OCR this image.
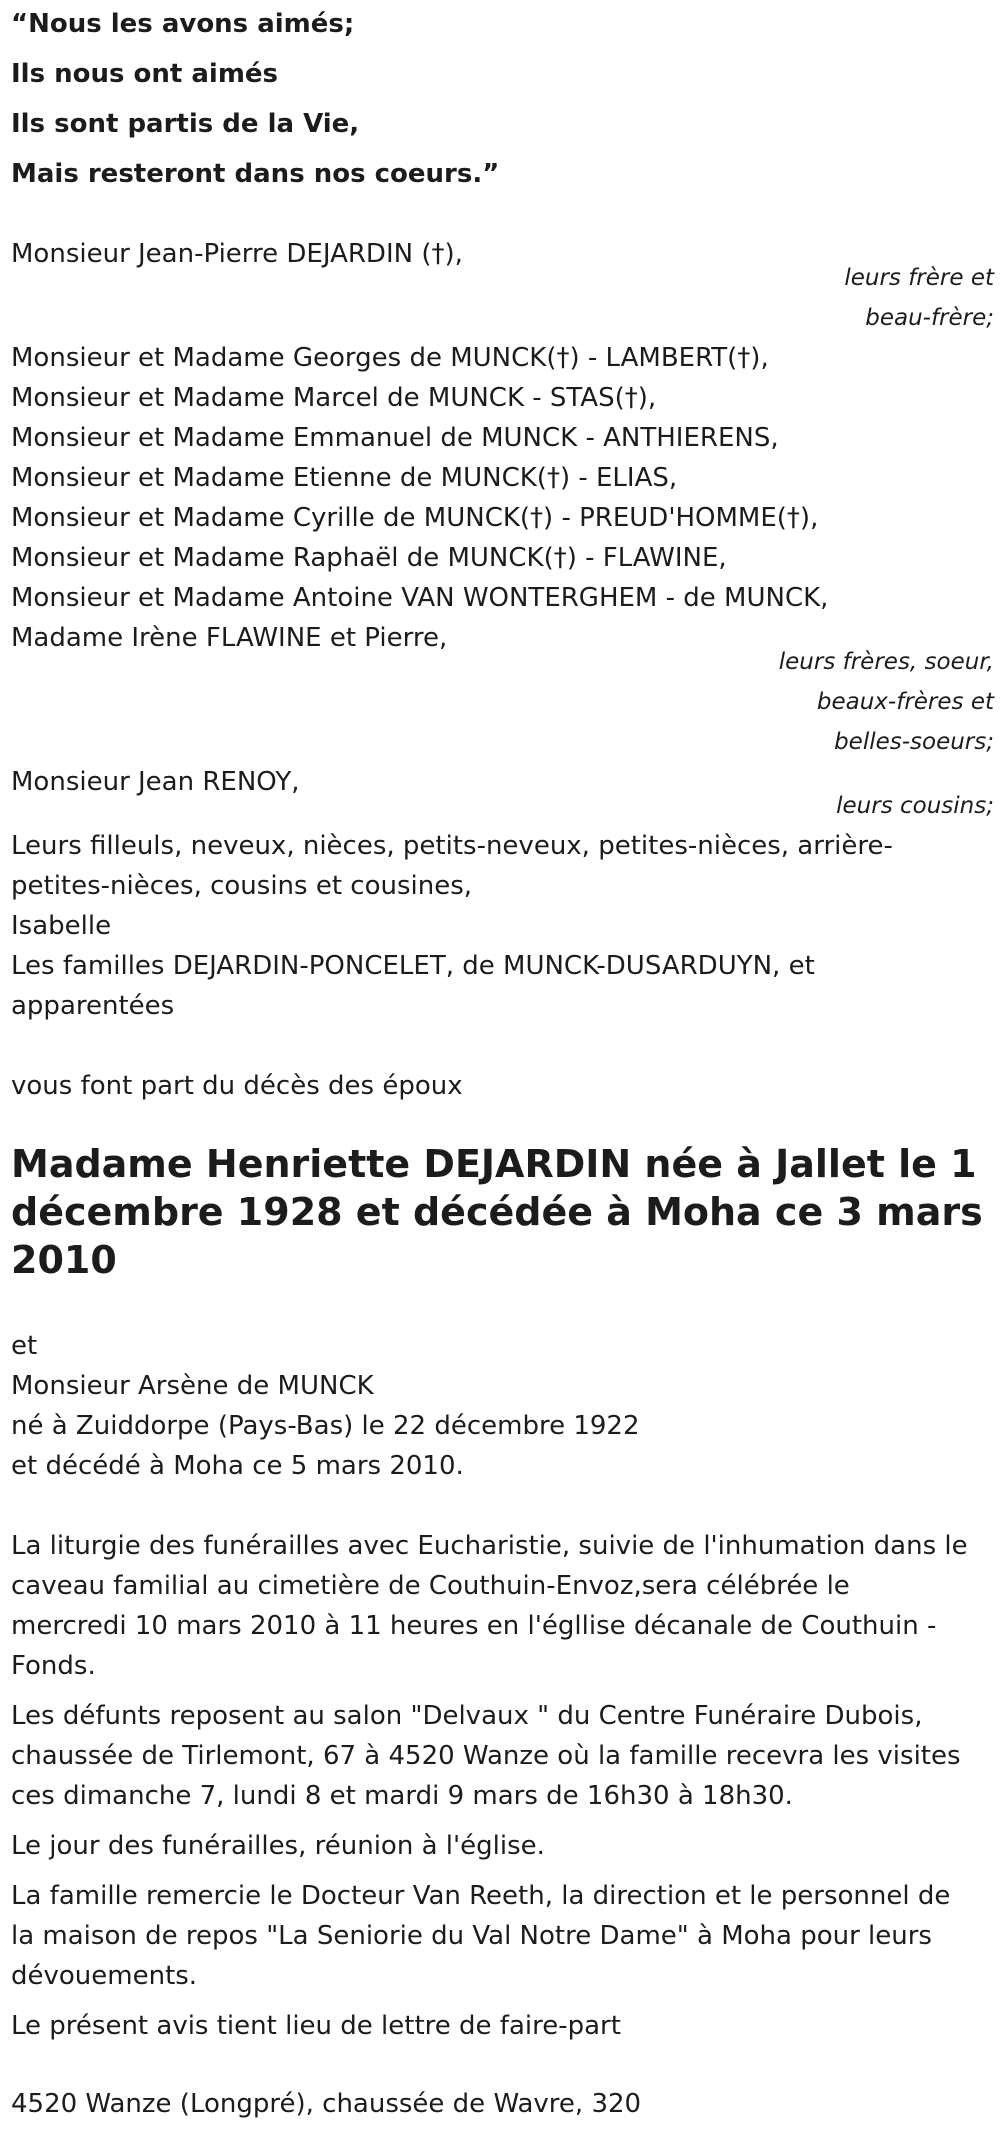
“Nous les avons aimés;
Ils nous ont aimés
Ils sont partis de la Vie,
Mais resteront dans nos coeurs.”
Monsieur Jean-Pierre DEJARDIN (†),
leurs frère et
beau-frère;
Monsieur et Madame Georges de MUNCK(†) - LAMBERT(†),
Monsieur et Madame Marcel de MUNCK - STAS(†),
Monsieur et Madame Emmanuel de MUNCK - ANTHIERENS,
Monsieur et Madame Etienne de MUNCK(†) - ELIAS,
Monsieur et Madame Cyrille de MUNCK(†) - PREUD'HOMME(†),
Monsieur et Madame Raphaël de MUNCK(†) - FLAWINE,
Monsieur et Madame Antoine VAN WONTERGHEM - de MUNCK,
Madame Irène FLAWINE et Pierre,
leurs frères, soeur,
beaux-frères et
belles-soeurs;
Monsieur Jean RENOY,
leurs cousins;
Leurs filleuls, neveux, nièces, petits-neveux, petites-nièces, arrière-
petites-nièces, cousins et cousines,
Isabelle
Les familles DEJARDIN-PONCELET, de MUNCK-DUSARDUYN, et
apparentées
vous font part du décès des époux
Madame Henriette DEJARDIN née à Jallet le 1
décembre 1928 et décédée à Moha ce 3 mars
2010
et
Monsieur Arsène de MUNCK
né à Zuiddorpe (Pays-Bas) le 22 décembre 1922
et décédé à Moha ce 5 mars 2010.
La liturgie des funérailles avec Eucharistie, suivie de l'inhumation dans le
caveau familial au cimetière de Couthuin-Envoz,sera célébrée le
mercredi 10 mars 2010 à 11 heures en l'égllise décanale de Couthuin -
Fonds.
Les défunts reposent au salon "Delvaux " du Centre Funéraire Dubois,
chaussée de Tirlemont, 67 à 4520 Wanze où la famille recevra les visites
ces dimanche 7, lundi 8 et mardi 9 mars de 16h30 à 18h30.
Le jour des funérailles, réunion à l'église.
La famille remercie le Docteur Van Reeth, la direction et le personnel de
la maison de repos "La Seniorie du Val Notre Dame" à Moha pour leurs
dévouements.
Le présent avis tient lieu de lettre de faire-part
4520 Wanze (Longpré), chaussée de Wavre, 320
